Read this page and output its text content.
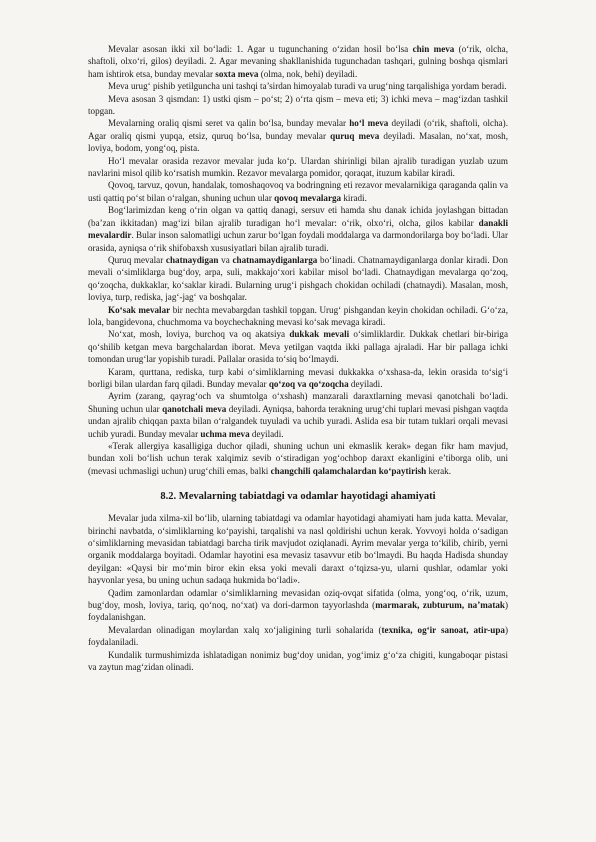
Mevalar asosan ikki xil bo‘ladi: 1. Agar u tugunchaning o‘zidan hosil bo‘lsa chin meva (o‘rik, olcha, shaftoli, olxo‘ri, gilos) deyiladi. 2. Agar mevaning shakllanishida tugunchadan tashqari, gulning boshqa qismlari ham ishtirok etsa, bunday mevalar soxta meva (olma, nok, behi) deyiladi.

Meva urug‘ pishib yetilguncha uni tashqi ta’sirdan himoyalab turadi va urug‘ning tarqalishiga yordam beradi.

Meva asosan 3 qismdan: 1) ustki qism – po‘st; 2) o‘rta qism – meva eti; 3) ichki meva – mag‘izdan tashkil topgan.

Mevalarning oraliq qismi seret va qalin bo‘lsa, bunday mevalar ho‘l meva deyiladi (o‘rik, shaftoli, olcha). Agar oraliq qismi yupqa, etsiz, quruq bo‘lsa, bunday mevalar quruq meva deyiladi. Masalan, no‘xat, mosh, loviya, bodom, yong‘oq, pista.

Ho‘l mevalar orasida rezavor mevalar juda ko‘p. Ulardan shirinligi bilan ajralib turadigan yuzlab uzum navlarini misol qilib ko‘rsatish mumkin. Rezavor mevalarga pomidor, qoraqat, ituzum kabilar kiradi.

Qovoq, tarvuz, qovun, handalak, tomoshaqovoq va bodringning eti rezavor mevalarnikiga qaraganda qalin va usti qattiq po‘st bilan o‘ralgan, shuning uchun ular qovoq mevalarga kiradi.

Bog‘larimizdan keng o‘rin olgan va qattiq danagi, sersuv eti hamda shu danak ichida joylashgan bittadan (ba’zan ikkitadan) mag‘izi bilan ajralib turadigan ho‘l mevalar: o‘rik, olxo‘ri, olcha, gilos kabilar danakli mevalardir. Bular inson salomatligi uchun zarur bo‘lgan foydali moddalarga va darmondorilarga boy bo‘ladi. Ular orasida, ayniqsa o‘rik shifobaxsh xususiyatlari bilan ajralib turadi.

Quruq mevalar chatnaydigan va chatnamaydiganlarga bo‘linadi. Chatnamaydiganlarga donlar kiradi. Don mevali o‘simliklarga bug‘doy, arpa, suli, makkajo‘xori kabilar misol bo‘ladi. Chatnaydigan mevalarga qo‘zoq, qo‘zoqcha, dukkaklar, ko‘saklar kiradi. Bularning urug‘i pishgach chokidan ochiladi (chatnaydi). Masalan, mosh, loviya, turp, rediska, jag‘-jag‘ va boshqalar.

Ko‘sak mevalar bir nechta mevabargdan tashkil topgan. Urug‘ pishgandan keyin chokidan ochiladi. G‘o‘za, lola, bangidevona, chuchmoma va boychechakning mevasi ko‘sak mevaga kiradi.

No‘xat, mosh, loviya, burchoq va oq akatsiya dukkak mevali o‘simliklardir. Dukkak chetlari bir-biriga qo‘shilib ketgan meva bargchalardan iborat. Meva yetilgan vaqtda ikki pallaga ajraladi. Har bir pallaga ichki tomondan urug‘lar yopishib turadi. Pallalar orasida to‘siq bo‘lmaydi.

Karam, qurttana, rediska, turp kabi o‘simliklarning mevasi dukkakka o‘xshasa-da, lekin orasida to‘sig‘i borligi bilan ulardan farq qiladi. Bunday mevalar qo‘zoq va qo‘zoqcha deyiladi.

Ayrim (zarang, qayrag‘och va shumtolga o‘xshash) manzarali daraxtlarning mevasi qanotchali bo‘ladi. Shuning uchun ular qanotchali meva deyiladi. Ayniqsa, bahorda terakning urug‘chi tuplari mevasi pishgan vaqtda undan ajralib chiqqan paxta bilan o‘ralgandek tuyuladi va uchib yuradi. Aslida esa bir tutam tuklari orqali mevasi uchib yuradi. Bunday mevalar uchma meva deyiladi.

«Terak allergiya kasalligiga duchor qiladi, shuning uchun uni ekmaslik kerak» degan fikr ham mavjud, bundan xoli bo‘lish uchun terak xalqimiz sevib o‘stiradigan yog‘ochbop daraxt ekanligini e’tiborga olib, uni (mevasi uchmasligi uchun) urug‘chili emas, balki changchili qalamchalardan ko‘paytirish kerak.

8.2. Mevalarning tabiatdagi va odamlar hayotidagi ahamiyati

Mevalar juda xilma-xil bo‘lib, ularning tabiatdagi va odamlar hayotidagi ahamiyati ham juda katta. Mevalar, birinchi navbatda, o‘simliklarning ko‘payishi, tarqalishi va nasl qoldirishi uchun kerak. Yovvoyi holda o‘sadigan o‘simliklarning mevasidan tabiatdagi barcha tirik mavjudot oziqlanadi. Ayrim mevalar yerga to‘kilib, chirib, yerni organik moddalarga boyitadi. Odamlar hayotini esa mevasiz tasavvur etib bo‘lmaydi. Bu haqda Hadisda shunday deyilgan: «Qaysi bir mo‘min biror ekin eksa yoki mevali daraxt o‘tqizsa-yu, ularni qushlar, odamlar yoki hayvonlar yesa, bu uning uchun sadaqa hukmida bo‘ladi».

Qadim zamonlardan odamlar o‘simliklarning mevasidan oziq-ovqat sifatida (olma, yong‘oq, o‘rik, uzum, bug‘doy, mosh, loviya, tariq, qo‘noq, no‘xat) va dori-darmon tayyorlashda (marmarak, zubturum, na’matak) foydalanishgan.

Mevalardan olinadigan moylardan xalq xo‘jaligining turli sohalarida (texnika, og‘ir sanoat, atir-upa) foydalaniladi.

Kundalik turmushimizda ishlatadigan nonimiz bug‘doy unidan, yog‘imiz g‘o‘za chigiti, kungaboqar pistasi va zaytun mag‘zidan olinadi.
